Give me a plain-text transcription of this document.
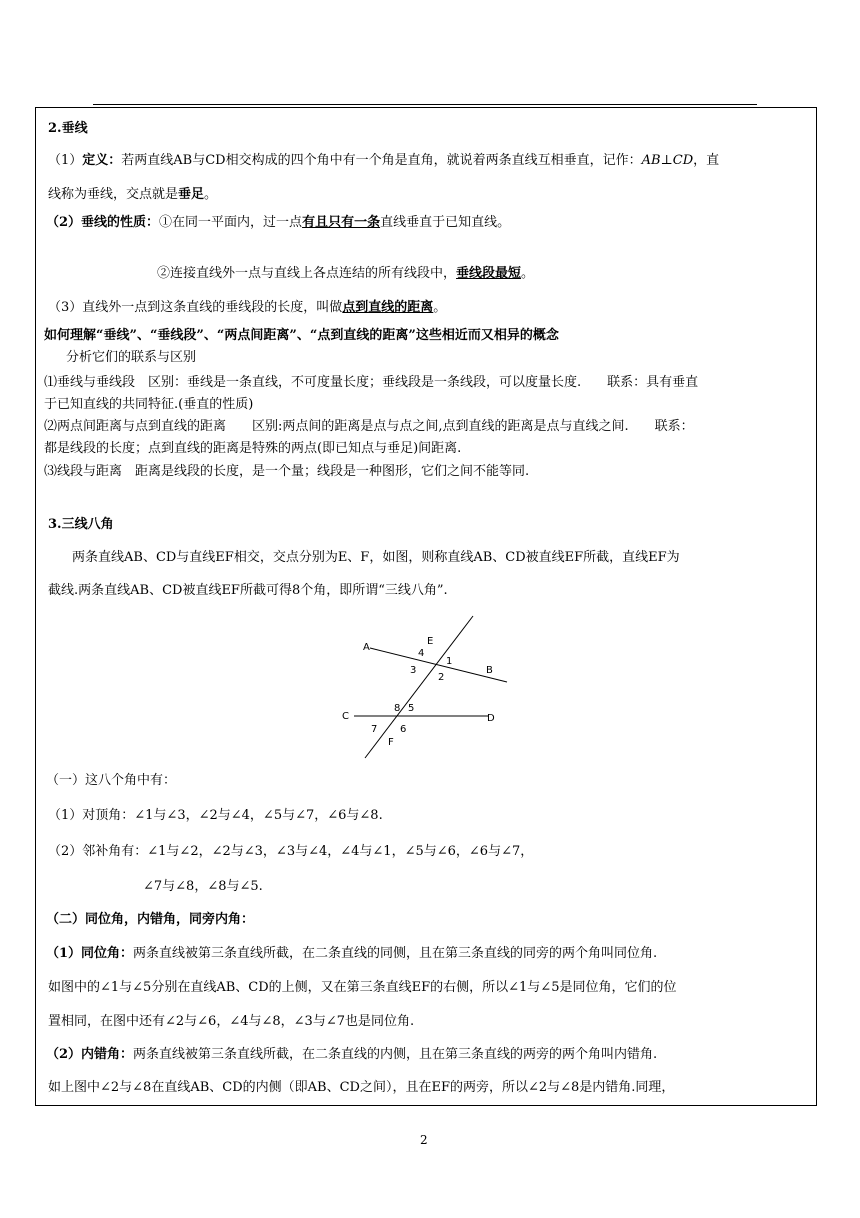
2.垂线
（1）定义：若两直线AB与CD相交构成的四个角中有一个角是直角，就说着两条直线互相垂直，记作：AB⊥CD，直
线称为垂线，交点就是垂足。
（2）垂线的性质：①在同一平面内，过一点有且只有一条直线垂直于已知直线。
②连接直线外一点与直线上各点连结的所有线段中，垂线段最短。
（3）直线外一点到这条直线的垂线段的长度，叫做点到直线的距离。
如何理解“垂线”、“垂线段”、“两点间距离”、“点到直线的距离”这些相近而又相异的概念
分析它们的联系与区别
⑴垂线与垂线段　区别：垂线是一条直线，不可度量长度；垂线段是一条线段，可以度量长度.　　联系：具有垂直
于已知直线的共同特征.(垂直的性质)
⑵两点间距离与点到直线的距离　　区别:两点间的距离是点与点之间,点到直线的距离是点与直线之间.　　联系：
都是线段的长度；点到直线的距离是特殊的两点(即已知点与垂足)间距离.
⑶线段与距离　距离是线段的长度，是一个量；线段是一种图形，它们之间不能等同.
3.三线八角
两条直线AB、CD与直线EF相交，交点分别为E、F，如图，则称直线AB、CD被直线EF所截，直线EF为
截线.两条直线AB、CD被直线EF所截可得8个角，即所谓“三线八角”.
A
B
C	D
E
F
4
1
3
2
8 5
7 6
（一）这八个角中有：
（1）对顶角：∠1与∠3，∠2与∠4，∠5与∠7，∠6与∠8.
（2）邻补角有：∠1与∠2，∠2与∠3，∠3与∠4，∠4与∠1，∠5与∠6，∠6与∠7，
∠7与∠8，∠8与∠5.
（二）同位角，内错角，同旁内角：
（1）同位角：两条直线被第三条直线所截，在二条直线的同侧，且在第三条直线的同旁的两个角叫同位角.
如图中的∠1与∠5分别在直线AB、CD的上侧，又在第三条直线EF的右侧，所以∠1与∠5是同位角，它们的位
置相同，在图中还有∠2与∠6，∠4与∠8，∠3与∠7也是同位角.
（2）内错角：两条直线被第三条直线所截，在二条直线的内侧，且在第三条直线的两旁的两个角叫内错角.
如上图中∠2与∠8在直线AB、CD的内侧（即AB、CD之间），且在EF的两旁，所以∠2与∠8是内错角.同理，
2
